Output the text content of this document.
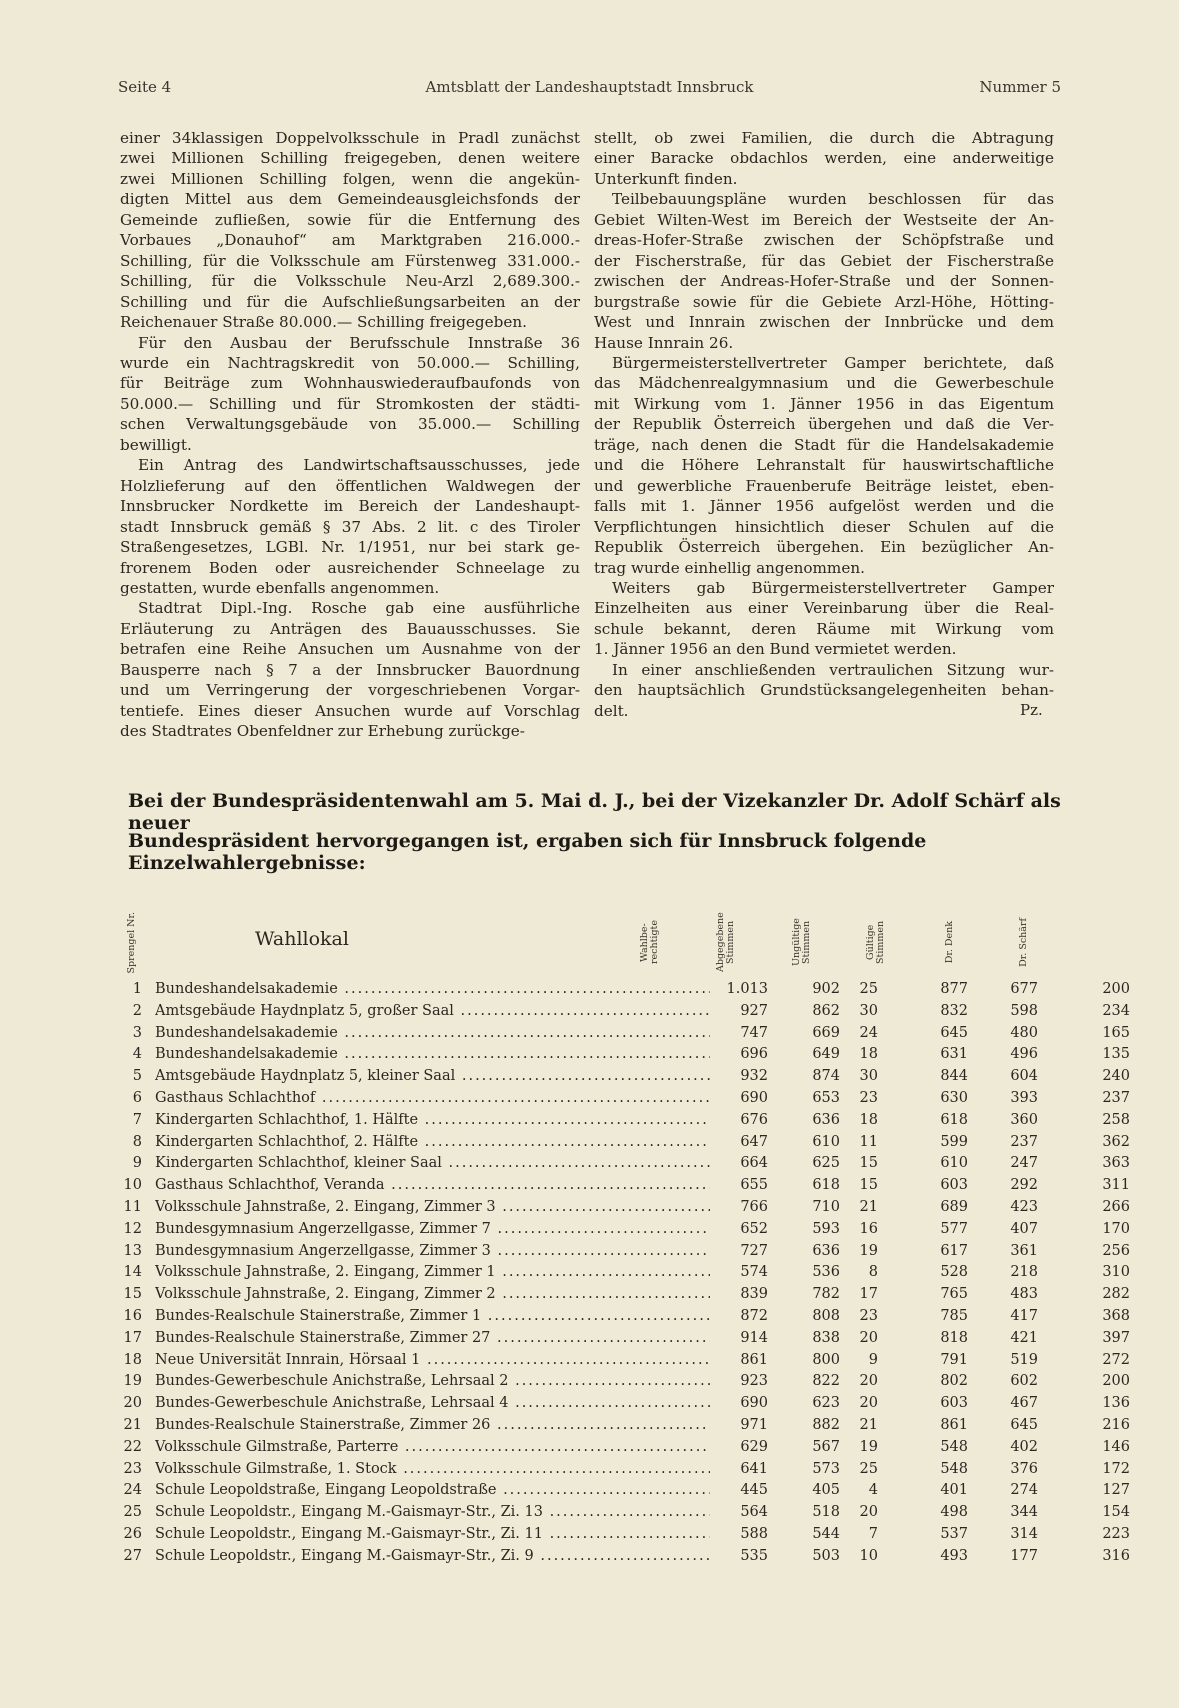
Seite 4	Amtsblatt der Landeshauptstadt Innsbruck	Nummer 5
einer 34klassigen Doppelvolksschule in Pradl zunächst
zwei Millionen Schilling freigegeben, denen weitere
zwei Millionen Schilling folgen, wenn die angekün-
digten Mittel aus dem Gemeindeausgleichsfonds der
Gemeinde zufließen, sowie für die Entfernung des
Vorbaues „Donauhof“ am Marktgraben 216.000.-
Schilling, für die Volksschule am Fürstenweg 331.000.-
Schilling, für die Volksschule Neu-Arzl 2,689.300.-
Schilling und für die Aufschließungsarbeiten an der
Reichenauer Straße 80.000.— Schilling freigegeben.
Für den Ausbau der Berufsschule Innstraße 36
wurde ein Nachtragskredit von 50.000.— Schilling,
für Beiträge zum Wohnhauswiederaufbaufonds von
50.000.— Schilling und für Stromkosten der städti-
schen Verwaltungsgebäude von 35.000.— Schilling
bewilligt.
Ein Antrag des Landwirtschaftsausschusses, jede
Holzlieferung auf den öffentlichen Waldwegen der
Innsbrucker Nordkette im Bereich der Landeshaupt-
stadt Innsbruck gemäß § 37 Abs. 2 lit. c des Tiroler
Straßengesetzes, LGBl. Nr. 1/1951, nur bei stark ge-
frorenem Boden oder ausreichender Schneelage zu
gestatten, wurde ebenfalls angenommen.
Stadtrat Dipl.-Ing. Rosche gab eine ausführliche
Erläuterung zu Anträgen des Bauausschusses. Sie
betrafen eine Reihe Ansuchen um Ausnahme von der
Bausperre nach § 7 a der Innsbrucker Bauordnung
und um Verringerung der vorgeschriebenen Vorgar-
tentiefe. Eines dieser Ansuchen wurde auf Vorschlag
des Stadtrates Obenfeldner zur Erhebung zurückge-
stellt, ob zwei Familien, die durch die Abtragung
einer Baracke obdachlos werden, eine anderweitige
Unterkunft finden.
Teilbebauungspläne wurden beschlossen für das
Gebiet Wilten-West im Bereich der Westseite der An-
dreas-Hofer-Straße zwischen der Schöpfstraße und
der Fischerstraße, für das Gebiet der Fischerstraße
zwischen der Andreas-Hofer-Straße und der Sonnen-
burgstraße sowie für die Gebiete Arzl-Höhe, Hötting-
West und Innrain zwischen der Innbrücke und dem
Hause Innrain 26.
Bürgermeisterstellvertreter Gamper berichtete, daß
das Mädchenrealgymnasium und die Gewerbeschule
mit Wirkung vom 1. Jänner 1956 in das Eigentum
der Republik Österreich übergehen und daß die Ver-
träge, nach denen die Stadt für die Handelsakademie
und die Höhere Lehranstalt für hauswirtschaftliche
und gewerbliche Frauenberufe Beiträge leistet, eben-
falls mit 1. Jänner 1956 aufgelöst werden und die
Verpflichtungen hinsichtlich dieser Schulen auf die
Republik Österreich übergehen. Ein bezüglicher An-
trag wurde einhellig angenommen.
Weiters gab Bürgermeisterstellvertreter Gamper
Einzelheiten aus einer Vereinbarung über die Real-
schule bekannt, deren Räume mit Wirkung vom
1. Jänner 1956 an den Bund vermietet werden.
In einer anschließenden vertraulichen Sitzung wur-
den hauptsächlich Grundstücksangelegenheiten behan-
delt.	Pz.
Bei der Bundespräsidentenwahl am 5. Mai d. J., bei der Vizekanzler Dr. Adolf Schärf als neuer
Bundespräsident hervorgegangen ist, ergaben sich für Innsbruck folgende Einzelwahlergebnisse:
Sprengel Nr.	Wahllokal	Wahlbe- rechtigte	Abgegebene Stimmen	Ungültige Stimmen	Gültige Stimmen	Dr. Denk	Dr. Schärf
1 Bundeshandelsakademie .....	1.013	902	25	877	677	200
2 Amtsgebäude Haydnplatz 5, großer Saal .....	927	862	30	832	598	234
3 Bundeshandelsakademie .....	747	669	24	645	480	165
4 Bundeshandelsakademie .....	696	649	18	631	496	135
5 Amtsgebäude Haydnplatz 5, kleiner Saal .....	932	874	30	844	604	240
6 Gasthaus Schlachthof .....	690	653	23	630	393	237
7 Kindergarten Schlachthof, 1. Hälfte .....	676	636	18	618	360	258
8 Kindergarten Schlachthof, 2. Hälfte .....	647	610	11	599	237	362
9 Kindergarten Schlachthof, kleiner Saal .....	664	625	15	610	247	363
10 Gasthaus Schlachthof, Veranda .....	655	618	15	603	292	311
11 Volksschule Jahnstraße, 2. Eingang, Zimmer 3 .....	766	710	21	689	423	266
12 Bundesgymnasium Angerzellgasse, Zimmer 7 .....	652	593	16	577	407	170
13 Bundesgymnasium Angerzellgasse, Zimmer 3 .....	727	636	19	617	361	256
14 Volksschule Jahnstraße, 2. Eingang, Zimmer 1 .....	574	536	8	528	218	310
15 Volksschule Jahnstraße, 2. Eingang, Zimmer 2 .....	839	782	17	765	483	282
16 Bundes-Realschule Stainerstraße, Zimmer 1 .....	872	808	23	785	417	368
17 Bundes-Realschule Stainerstraße, Zimmer 27 .....	914	838	20	818	421	397
18 Neue Universität Innrain, Hörsaal 1 .....	861	800	9	791	519	272
19 Bundes-Gewerbeschule Anichstraße, Lehrsaal 2 .....	923	822	20	802	602	200
20 Bundes-Gewerbeschule Anichstraße, Lehrsaal 4 .....	690	623	20	603	467	136
21 Bundes-Realschule Stainerstraße, Zimmer 26 .....	971	882	21	861	645	216
22 Volksschule Gilmstraße, Parterre .....	629	567	19	548	402	146
23 Volksschule Gilmstraße, 1. Stock .....	641	573	25	548	376	172
24 Schule Leopoldstraße, Eingang Leopoldstraße .....	445	405	4	401	274	127
25 Schule Leopoldstr., Eingang M.-Gaismayr-Str., Zi. 13 .....	564	518	20	498	344	154
26 Schule Leopoldstr., Eingang M.-Gaismayr-Str., Zi. 11 .....	588	544	7	537	314	223
27 Schule Leopoldstr., Eingang M.-Gaismayr-Str., Zi. 9 .....	535	503	10	493	177	316
